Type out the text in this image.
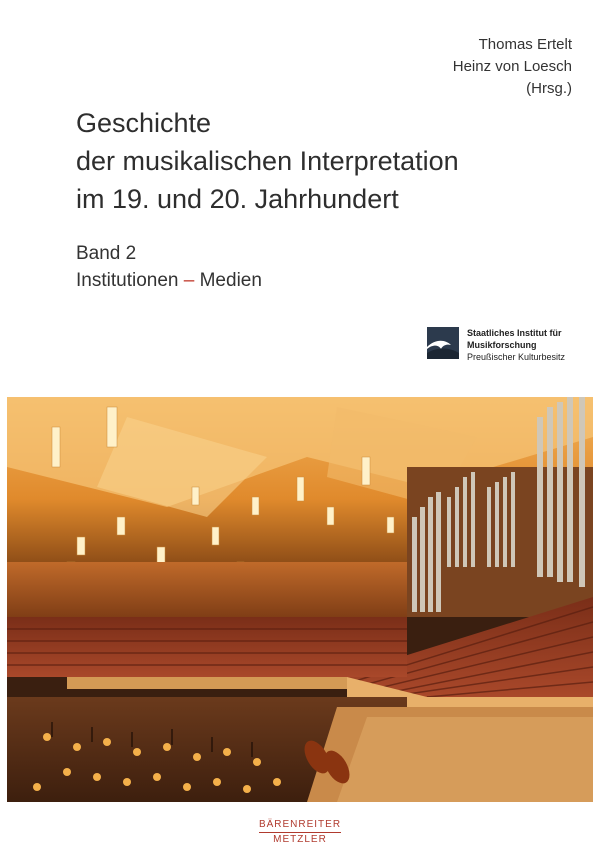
Thomas Ertelt
Heinz von Loesch
(Hrsg.)
Geschichte
der musikalischen Interpretation
im 19. und 20. Jahrhundert
Band 2
Institutionen – Medien
Staatliches Institut für
Musikforschung
Preußischer Kulturbesitz
BÄRENREITER
METZLER
